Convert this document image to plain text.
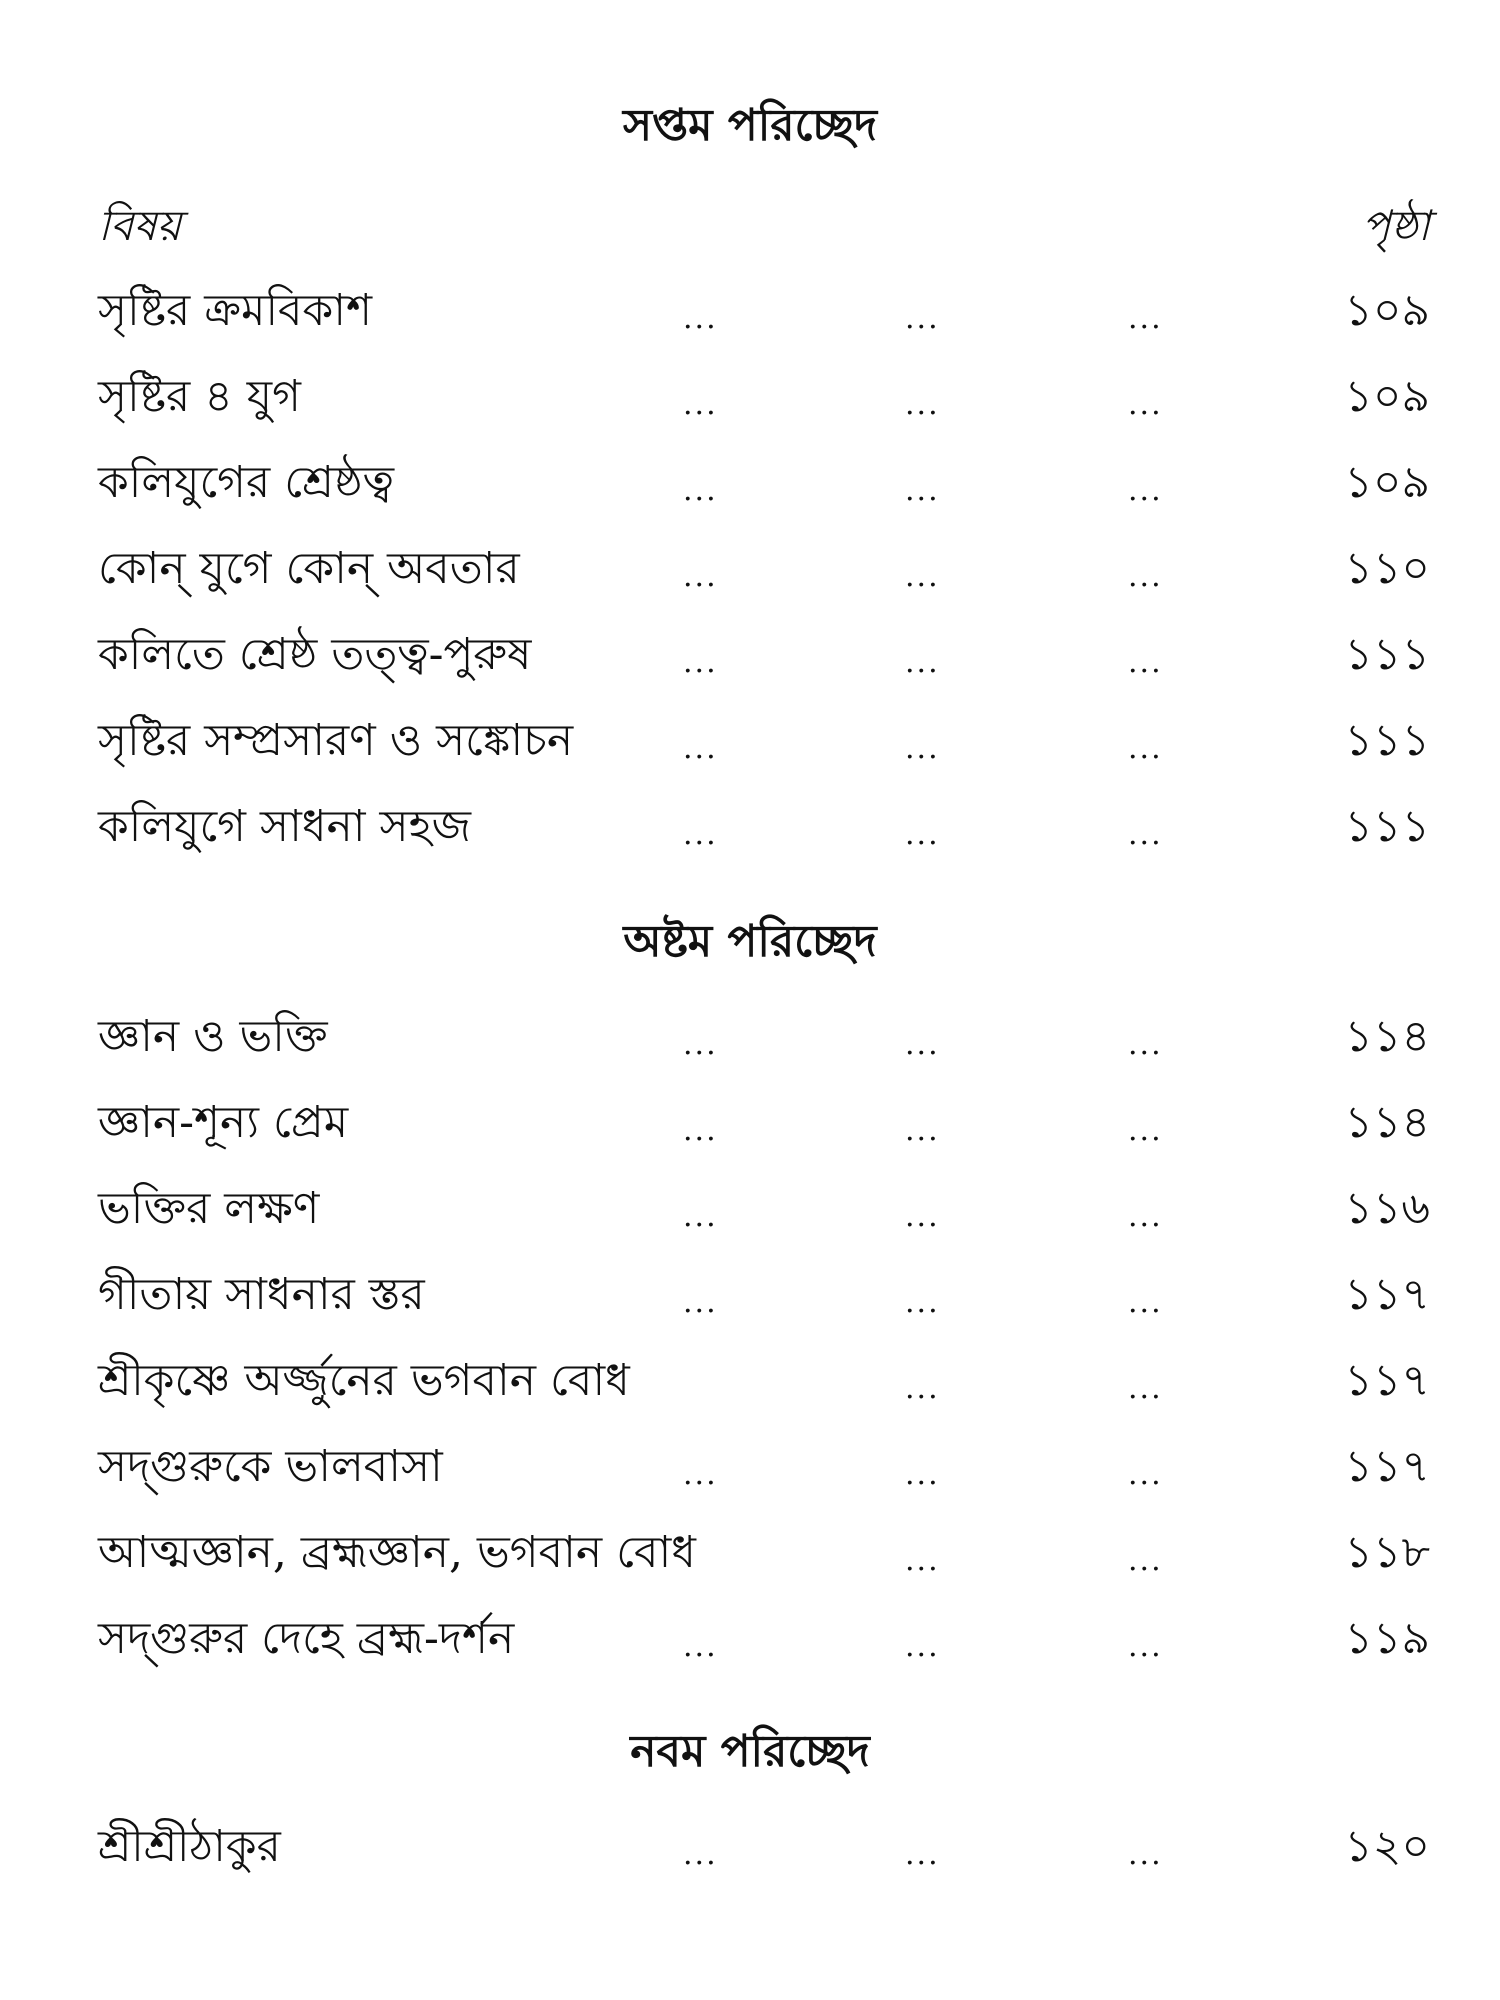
সপ্তম পরিচ্ছেদ
বিষয়	পৃষ্ঠা
সৃষ্টির ক্রমবিকাশ	...	...	...	১০৯
সৃষ্টির ৪ যুগ	...	...	...	১০৯
কলিযুগের শ্রেষ্ঠত্ব	...	...	...	১০৯
কোন্ যুগে কোন্ অবতার	...	...	...	১১০
কলিতে শ্রেষ্ঠ তত্ত্ব-পুরুষ	...	...	...	১১১
সৃষ্টির সম্প্রসারণ ও সঙ্কোচন	...	...	...	১১১
কলিযুগে সাধনা সহজ	...	...	...	১১১
অষ্টম পরিচ্ছেদ
জ্ঞান ও ভক্তি	...	...	...	১১৪
জ্ঞান-শূন্য প্রেম	...	...	...	১১৪
ভক্তির লক্ষণ	...	...	...	১১৬
গীতায় সাধনার স্তর	...	...	...	১১৭
শ্রীকৃষ্ণে অর্জ্জুনের ভগবান বোধ	...	...	১১৭
সদ্‌গুরুকে ভালবাসা	...	...	...	১১৭
আত্মজ্ঞান, ব্রহ্মজ্ঞান, ভগবান বোধ	...	...	১১৮
সদ্‌গুরুর দেহে ব্রহ্ম-দর্শন	...	...	...	১১৯
নবম পরিচ্ছেদ
শ্রীশ্রীঠাকুর	...	...	...	১২০
